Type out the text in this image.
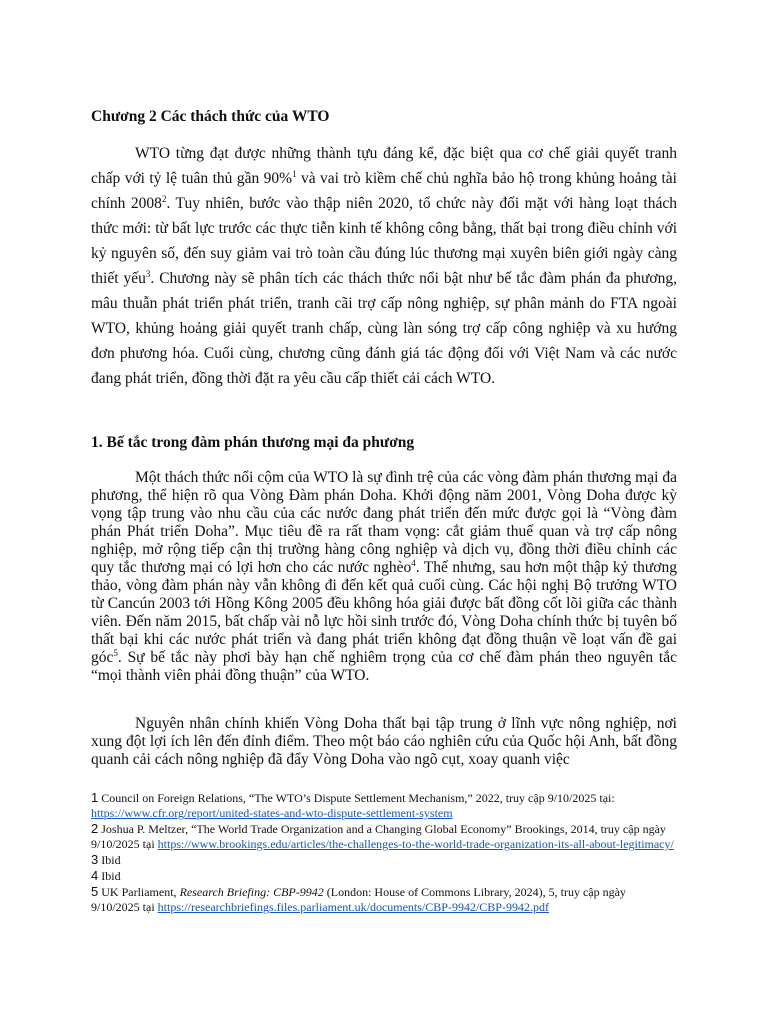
Chương 2 Các thách thức của WTO

WTO từng đạt được những thành tựu đáng kể, đặc biệt qua cơ chế giải quyết tranh chấp với tỷ lệ tuân thủ gần 90%$^1$ và vai trò kiềm chế chủ nghĩa bảo hộ trong khủng hoảng tài chính 2008$^2$. Tuy nhiên, bước vào thập niên 2020, tổ chức này đối mặt với hàng loạt thách thức mới: từ bất lực trước các thực tiễn kinh tế không công bằng, thất bại trong điều chỉnh với kỷ nguyên số, đến suy giảm vai trò toàn cầu đúng lúc thương mại xuyên biên giới ngày càng thiết yếu$^3$. Chương này sẽ phân tích các thách thức nổi bật như bế tắc đàm phán đa phương, mâu thuẫn phát triển phát triển, tranh cãi trợ cấp nông nghiệp, sự phân mảnh do FTA ngoài WTO, khủng hoảng giải quyết tranh chấp, cùng làn sóng trợ cấp công nghiệp và xu hướng đơn phương hóa. Cuối cùng, chương cũng đánh giá tác động đối với Việt Nam và các nước đang phát triển, đồng thời đặt ra yêu cầu cấp thiết cải cách WTO.

1. Bế tắc trong đàm phán thương mại đa phương

Một thách thức nổi cộm của WTO là sự đình trệ của các vòng đàm phán thương mại đa phương, thể hiện rõ qua Vòng Đàm phán Doha. Khởi động năm 2001, Vòng Doha được kỳ vọng tập trung vào nhu cầu của các nước đang phát triển đến mức được gọi là “Vòng đàm phán Phát triển Doha”. Mục tiêu đề ra rất tham vọng: cắt giảm thuế quan và trợ cấp nông nghiệp, mở rộng tiếp cận thị trường hàng công nghiệp và dịch vụ, đồng thời điều chỉnh các quy tắc thương mại có lợi hơn cho các nước nghèo$^4$. Thế nhưng, sau hơn một thập kỷ thương thảo, vòng đàm phán này vẫn không đi đến kết quả cuối cùng. Các hội nghị Bộ trưởng WTO từ Cancún 2003 tới Hồng Kông 2005 đều không hóa giải được bất đồng cốt lõi giữa các thành viên. Đến năm 2015, bất chấp vài nỗ lực hồi sinh trước đó, Vòng Doha chính thức bị tuyên bố thất bại khi các nước phát triển và đang phát triển không đạt đồng thuận về loạt vấn đề gai góc$^5$. Sự bế tắc này phơi bày hạn chế nghiêm trọng của cơ chế đàm phán theo nguyên tắc “mọi thành viên phải đồng thuận” của WTO.

Nguyên nhân chính khiến Vòng Doha thất bại tập trung ở lĩnh vực nông nghiệp, nơi xung đột lợi ích lên đến đỉnh điểm. Theo một báo cáo nghiên cứu của Quốc hội Anh, bất đồng quanh cải cách nông nghiệp đã đẩy Vòng Doha vào ngõ cụt, xoay quanh việc

1 Council on Foreign Relations, “The WTO’s Dispute Settlement Mechanism,” 2022, truy cập 9/10/2025 tại:
https://www.cfr.org/report/united-states-and-wto-dispute-settlement-system

2 Joshua P. Meltzer, “The World Trade Organization and a Changing Global Economy” Brookings, 2014, truy cập ngày 9/10/2025 tại https://www.brookings.edu/articles/the-challenges-to-the-world-trade-organization-its-all-about-legitimacy/

3 Ibid

4 Ibid

5 UK Parliament, Research Briefing: CBP-9942 (London: House of Commons Library, 2024), 5, truy cập ngày 9/10/2025 tại https://researchbriefings.files.parliament.uk/documents/CBP-9942/CBP-9942.pdf
